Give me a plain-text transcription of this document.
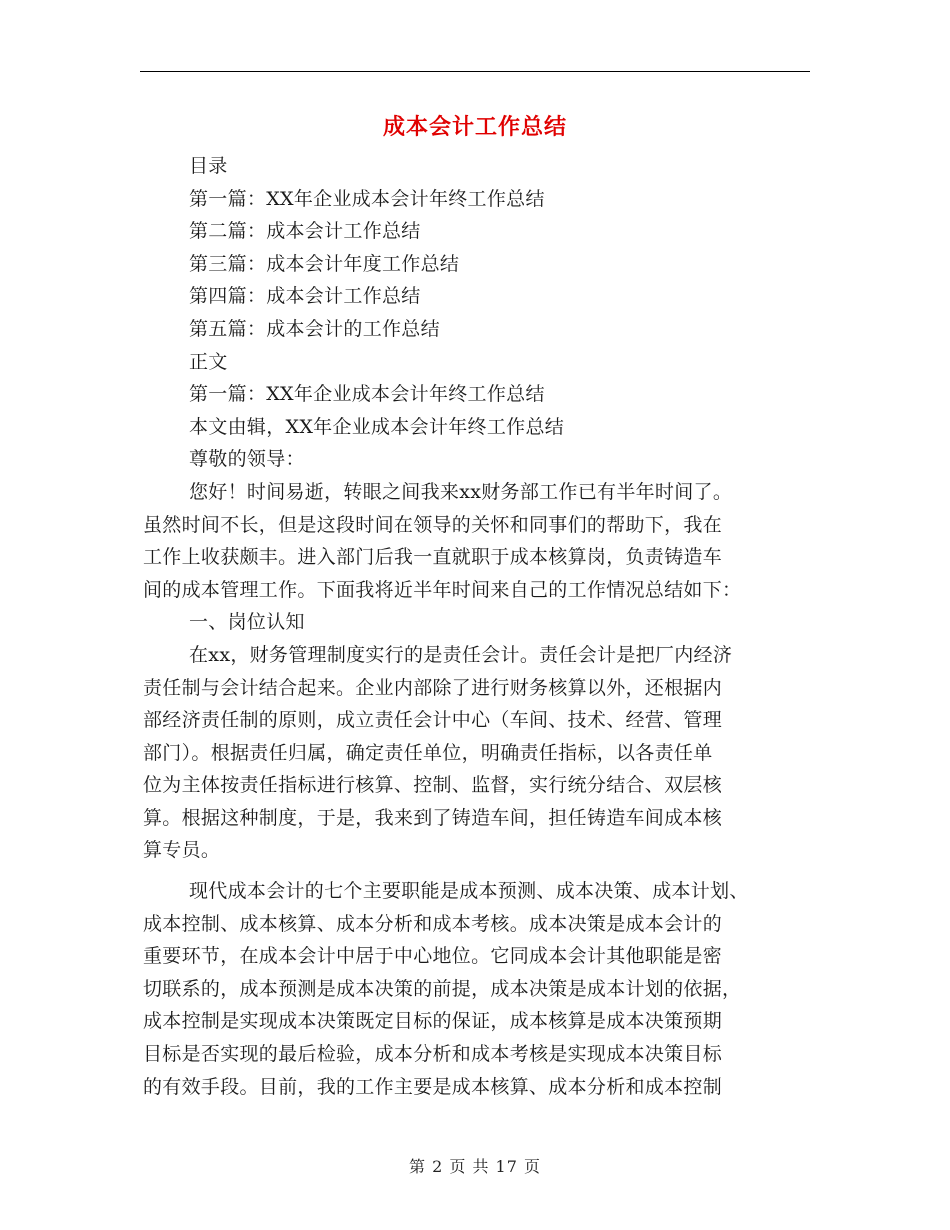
成本会计工作总结
目录
第一篇：XX年企业成本会计年终工作总结
第二篇：成本会计工作总结
第三篇：成本会计年度工作总结
第四篇：成本会计工作总结
第五篇：成本会计的工作总结
正文
第一篇：XX年企业成本会计年终工作总结
本文由辑，XX年企业成本会计年终工作总结
尊敬的领导：
您好！时间易逝，转眼之间我来xx财务部工作已有半年时间了。
虽然时间不长，但是这段时间在领导的关怀和同事们的帮助下，我在
工作上收获颇丰。进入部门后我一直就职于成本核算岗，负责铸造车
间的成本管理工作。下面我将近半年时间来自己的工作情况总结如下：
一、岗位认知
在xx，财务管理制度实行的是责任会计。责任会计是把厂内经济
责任制与会计结合起来。企业内部除了进行财务核算以外，还根据内
部经济责任制的原则，成立责任会计中心（车间、技术、经营、管理
部门）。根据责任归属，确定责任单位，明确责任指标，以各责任单
位为主体按责任指标进行核算、控制、监督，实行统分结合、双层核
算。根据这种制度，于是，我来到了铸造车间，担任铸造车间成本核
算专员。
现代成本会计的七个主要职能是成本预测、成本决策、成本计划、
成本控制、成本核算、成本分析和成本考核。成本决策是成本会计的
重要环节，在成本会计中居于中心地位。它同成本会计其他职能是密
切联系的，成本预测是成本决策的前提，成本决策是成本计划的依据，
成本控制是实现成本决策既定目标的保证，成本核算是成本决策预期
目标是否实现的最后检验，成本分析和成本考核是实现成本决策目标
的有效手段。目前，我的工作主要是成本核算、成本分析和成本控制
第 2 页 共 17 页
